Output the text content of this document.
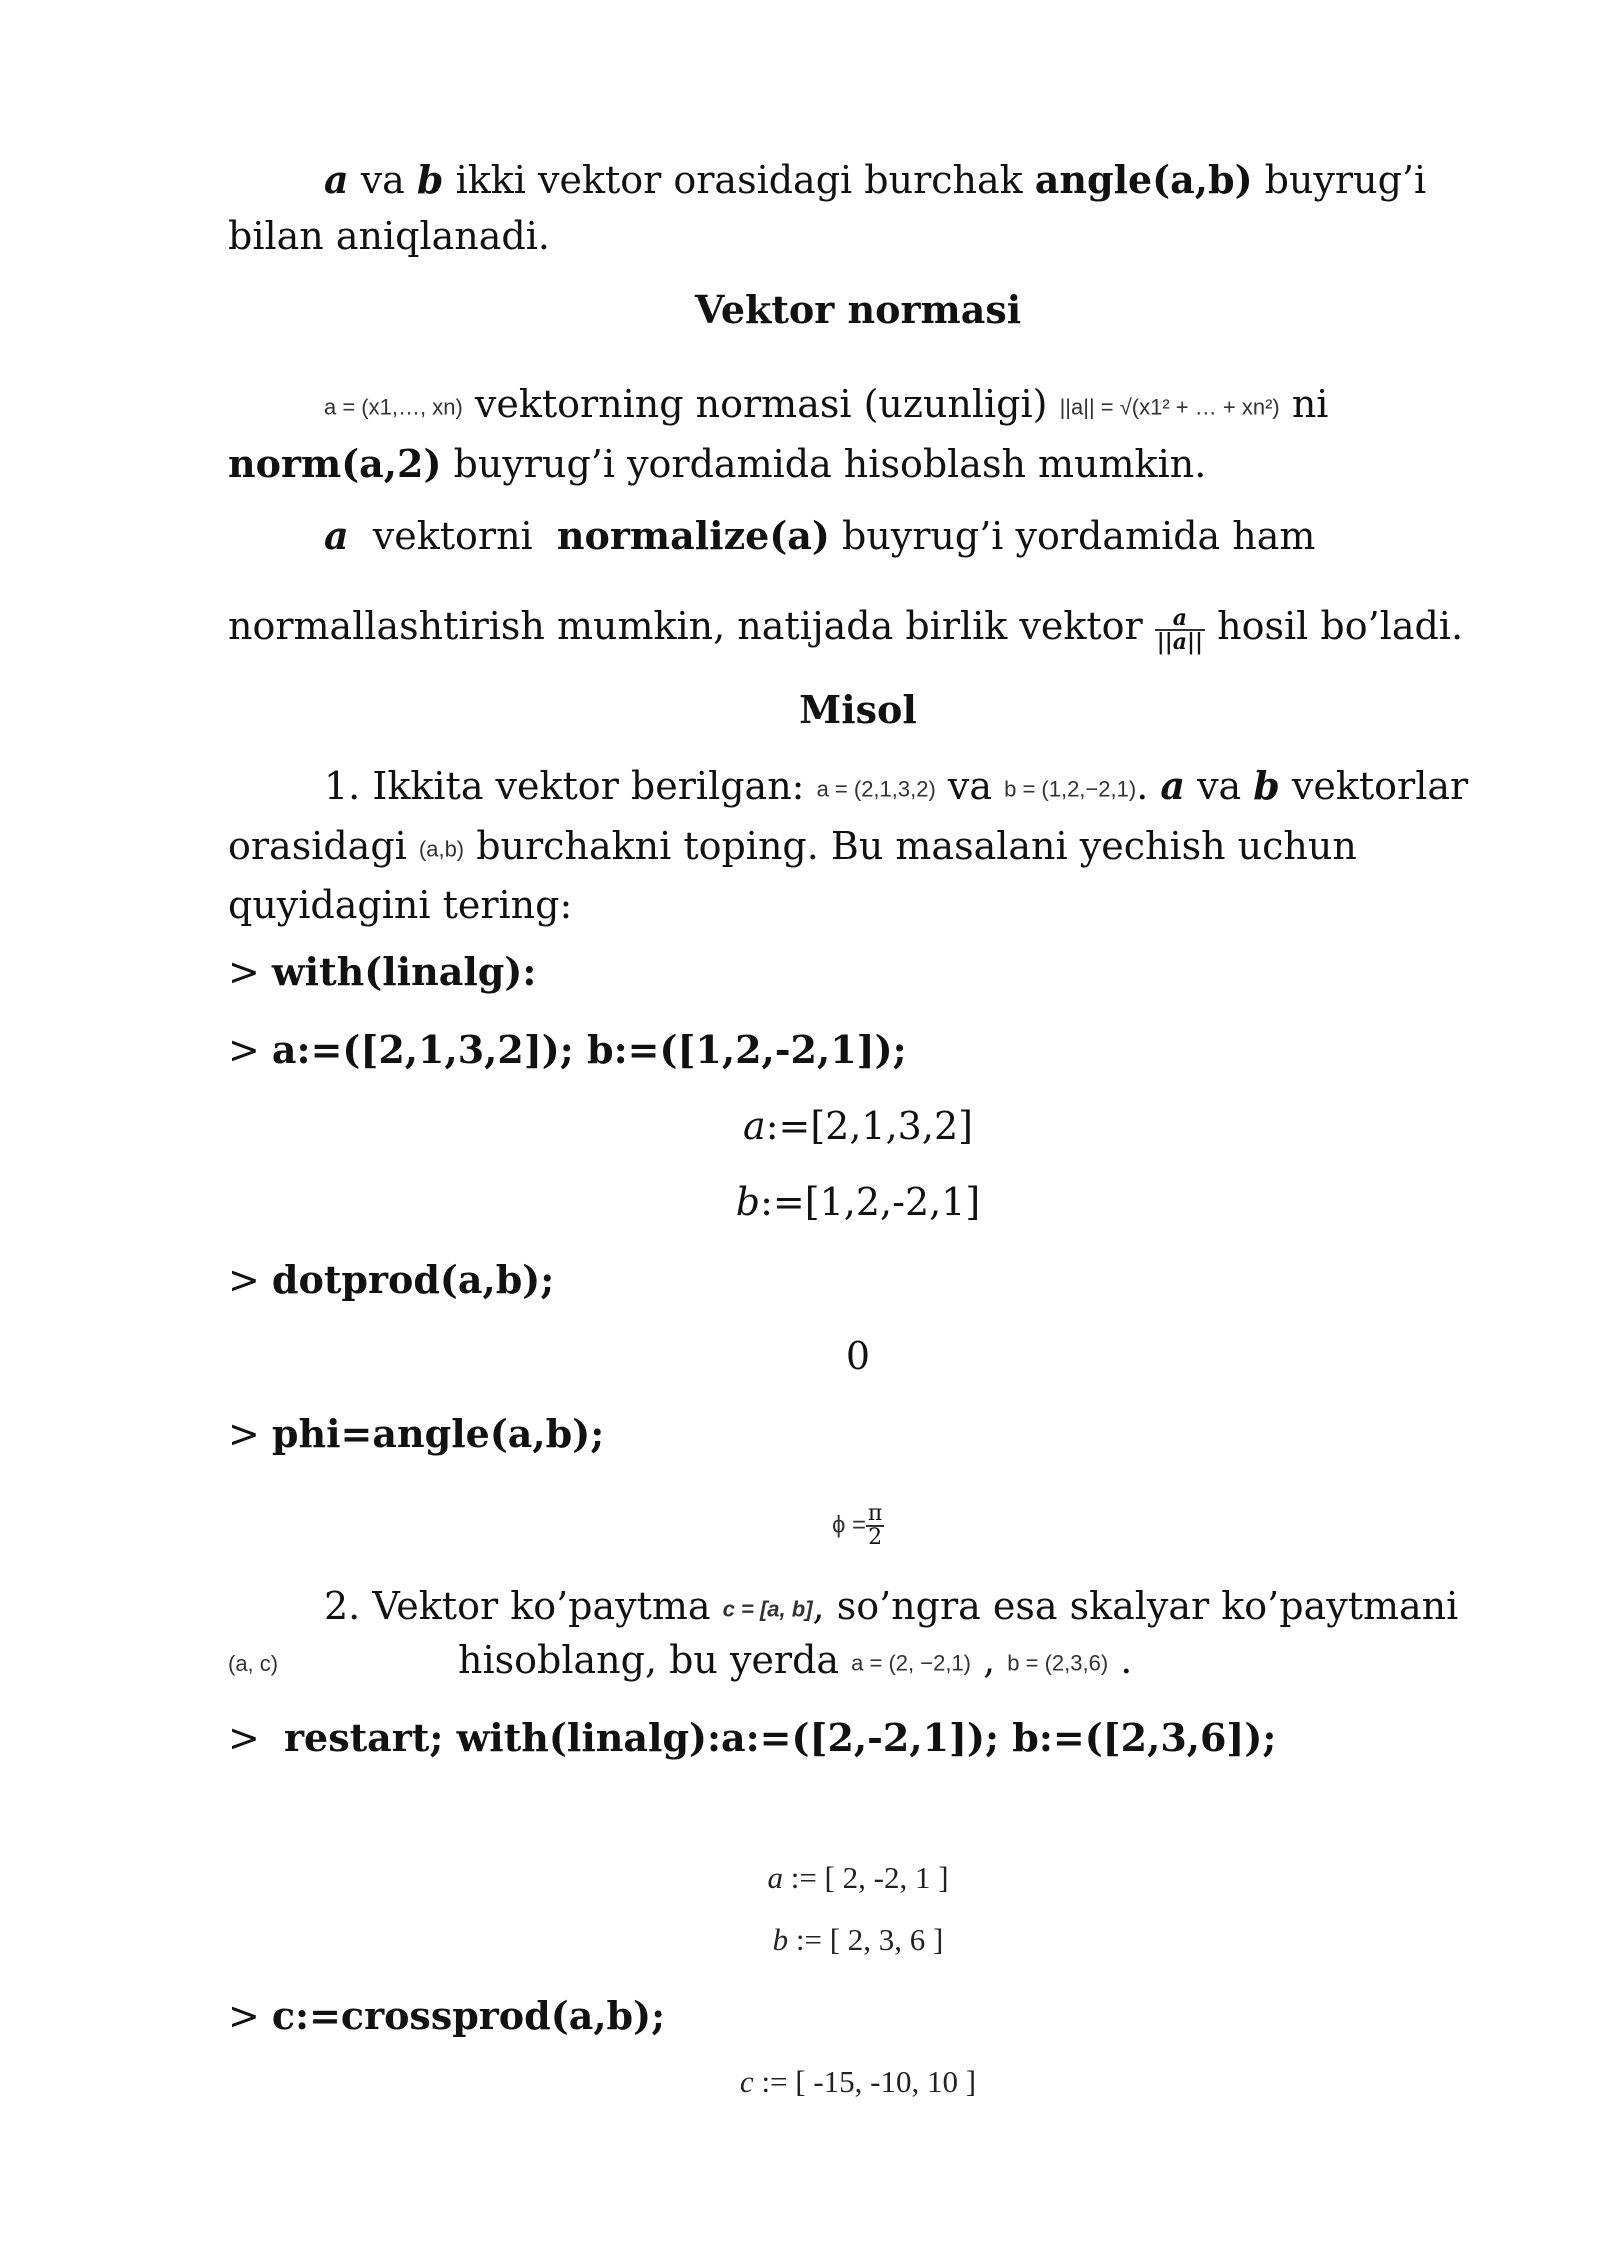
a va b ikki vektor orasidagi burchak angle(a,b) buyrug’i bilan aniqlanadi.
Vektor normasi
a = (x1,…, xn) vektorning normasi (uzunligi) ||a|| = √(x1² + … + xn²) ni
norm(a,2) buyrug’i yordamida hisoblash mumkin.
a  vektorni  normalize(a) buyrug’i yordamida ham
normallashtirish mumkin, natijada birlik vektor $\frac{a}{||a||}$ hosil bo’ladi.
Misol
1. Ikkita vektor berilgan: a = (2,1,3,2) va b = (1,2,−2,1). a va b vektorlar
orasidagi (a,b) burchakni toping. Bu masalani yechish uchun
quyidagini tering:
> with(linalg):
> a:=([2,1,3,2]); b:=([1,2,-2,1]);
a:=[2,1,3,2]
b:=[1,2,-2,1]
> dotprod(a,b);
0
> phi=angle(a,b);
$\phi = \frac{\pi}{2}$
2. Vektor ko’paytma c = [a, b], so’ngra esa skalyar ko’paytmani
(a, c)	hisoblang, bu yerda a = (2, −2,1) , b = (2,3,6) .
>  restart; with(linalg):a:=([2,-2,1]); b:=([2,3,6]);
a := [ 2, -2, 1 ]
b := [ 2, 3, 6 ]
> c:=crossprod(a,b);
c := [ -15, -10, 10 ]
